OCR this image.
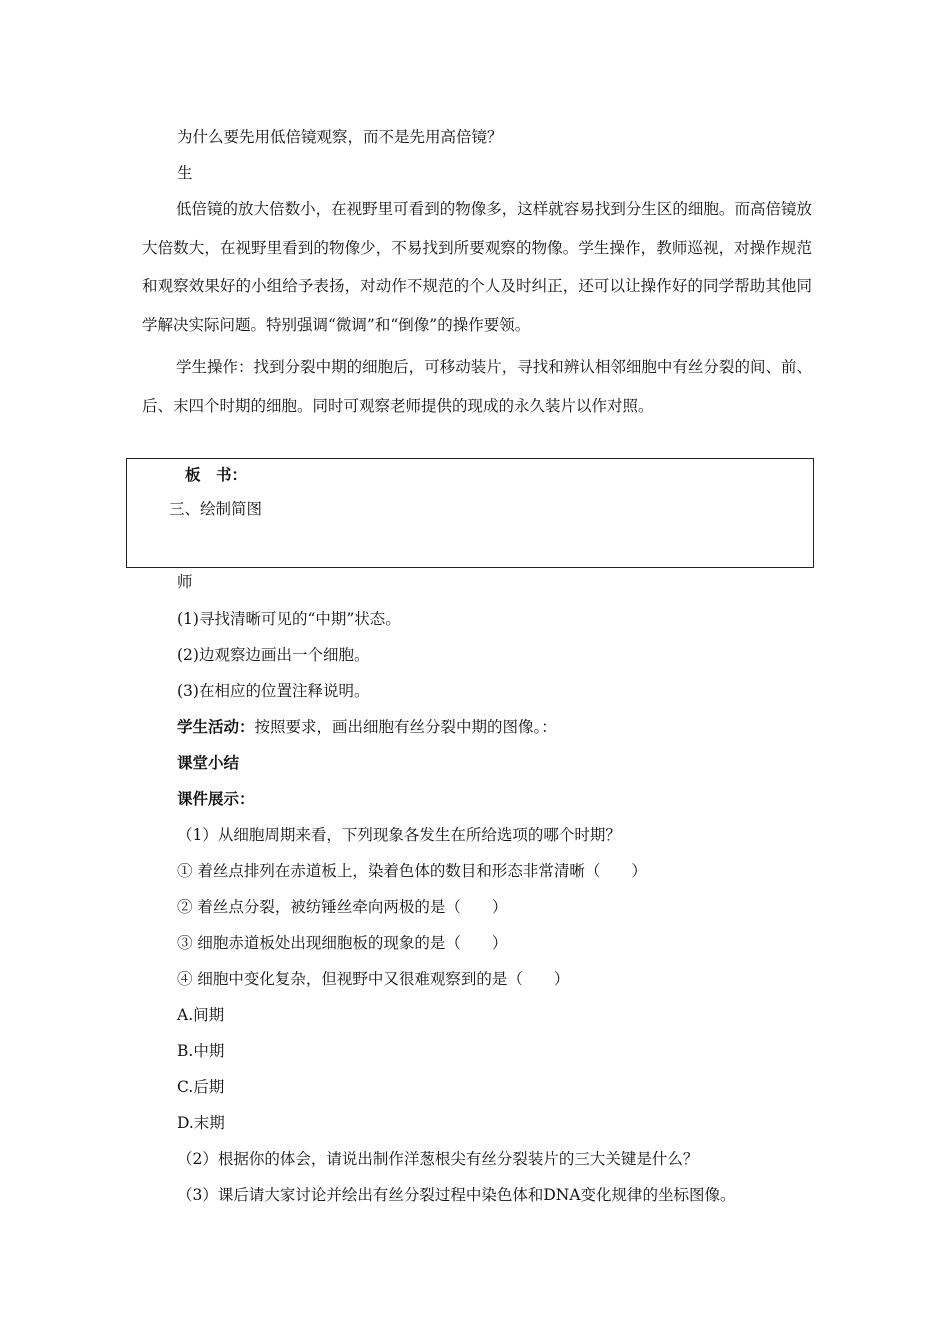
为什么要先用低倍镜观察，而不是先用高倍镜？
生
低倍镜的放大倍数小，在视野里可看到的物像多，这样就容易找到分生区的细胞。而高倍镜放大倍数大，在视野里看到的物像少，不易找到所要观察的物像。学生操作，教师巡视，对操作规范和观察效果好的小组给予表扬，对动作不规范的个人及时纠正，还可以让操作好的同学帮助其他同学解决实际问题。特别强调“微调”和“倒像”的操作要领。
学生操作：找到分裂中期的细胞后，可移动装片，寻找和辨认相邻细胞中有丝分裂的间、前、后、末四个时期的细胞。同时可观察老师提供的现成的永久装片以作对照。
板　书：
三、绘制简图
师
(1)寻找清晰可见的“中期”状态。
(2)边观察边画出一个细胞。
(3)在相应的位置注释说明。
学生活动：按照要求，画出细胞有丝分裂中期的图像。：
课堂小结
课件展示：
（1）从细胞周期来看，下列现象各发生在所给选项的哪个时期？
① 着丝点排列在赤道板上，染着色体的数目和形态非常清晰（　　）
② 着丝点分裂，被纺锤丝牵向两极的是（　　）
③ 细胞赤道板处出现细胞板的现象的是（　　）
④ 细胞中变化复杂，但视野中又很难观察到的是（　　）
A.间期
B.中期
C.后期
D.末期
（2）根据你的体会，请说出制作洋葱根尖有丝分裂装片的三大关键是什么？
（3）课后请大家讨论并绘出有丝分裂过程中染色体和DNA变化规律的坐标图像。
